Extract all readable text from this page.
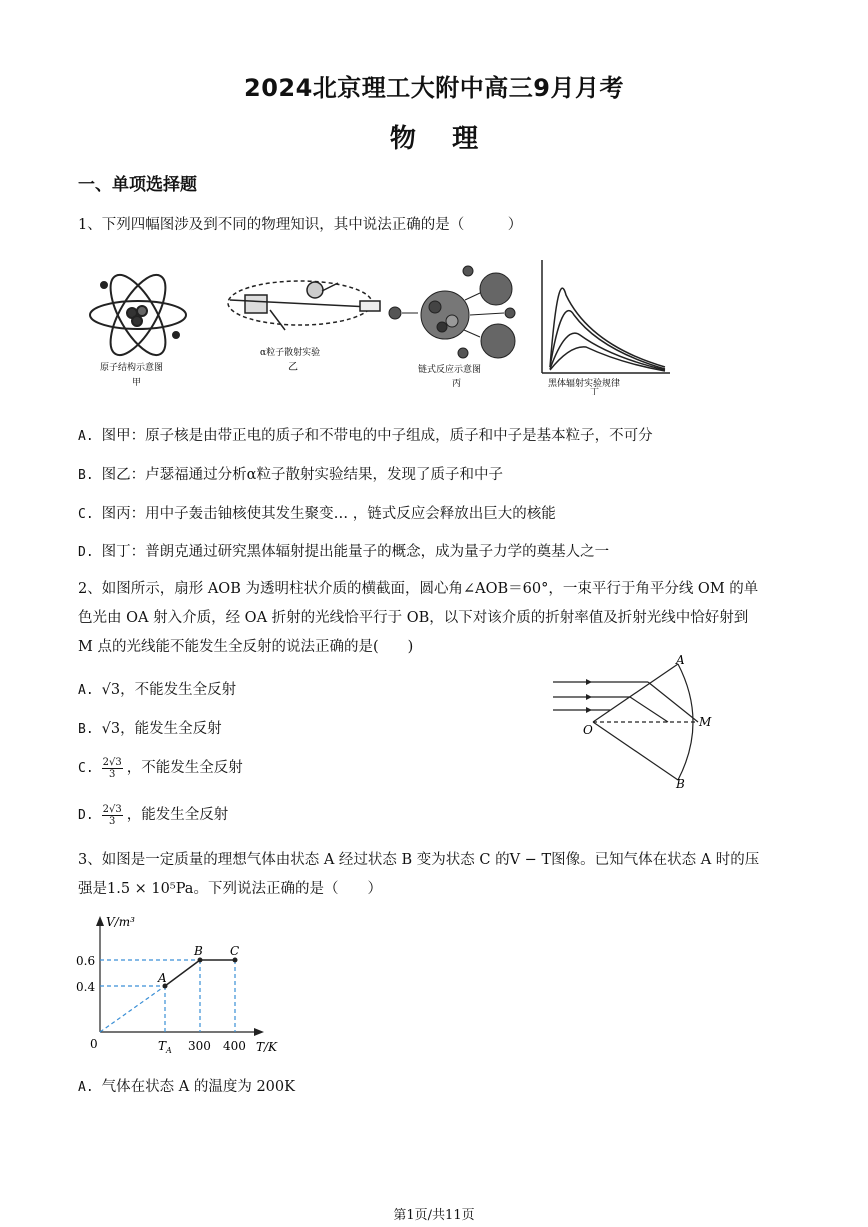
2024北京理工大附中高三9月月考
物    理
一、单项选择题
1、下列四幅图涉及到不同的物理知识，其中说法正确的是（　　　）
原子结构示意图
甲
α粒子散射实验
乙	链式反应示意图
丙	黑体辐射实验规律
丁
A. 图甲：原子核是由带正电的质子和不带电的中子组成，质子和中子是基本粒子，不可分
B. 图乙：卢瑟福通过分析α粒子散射实验结果，发现了质子和中子
C. 图丙：用中子轰击铀核使其发生聚变… ，链式反应会释放出巨大的核能
D. 图丁：普朗克通过研究黑体辐射提出能量子的概念，成为量子力学的奠基人之一
2、如图所示，扇形 AOB 为透明柱状介质的横截面，圆心角∠AOB＝60°，一束平行于角平分线 OM 的单
色光由 OA 射入介质，经 OA 折射的光线恰平行于 OB，以下对该介质的折射率值及折射光线中恰好射到
M 点的光线能不能发生全反射的说法正确的是(　　)
A. √3，不能发生全反射
B. √3，能发生全反射
C. $\frac{2√3}{3}$ ，不能发生全反射
D. $\frac{2√3}{3}$ ，能发生全反射
A
O
M
B
3、如图是一定质量的理想气体由状态 A 经过状态 B 变为状态 C 的V − T图像。已知气体在状态 A 时的压
强是1.5 × 10⁵Pa。下列说法正确的是（　　）
V/m³
T/K
0
0.6
0.4
$T_A$ 300 400
A
B C
A. 气体在状态 A 的温度为 200K
第1页/共11页
